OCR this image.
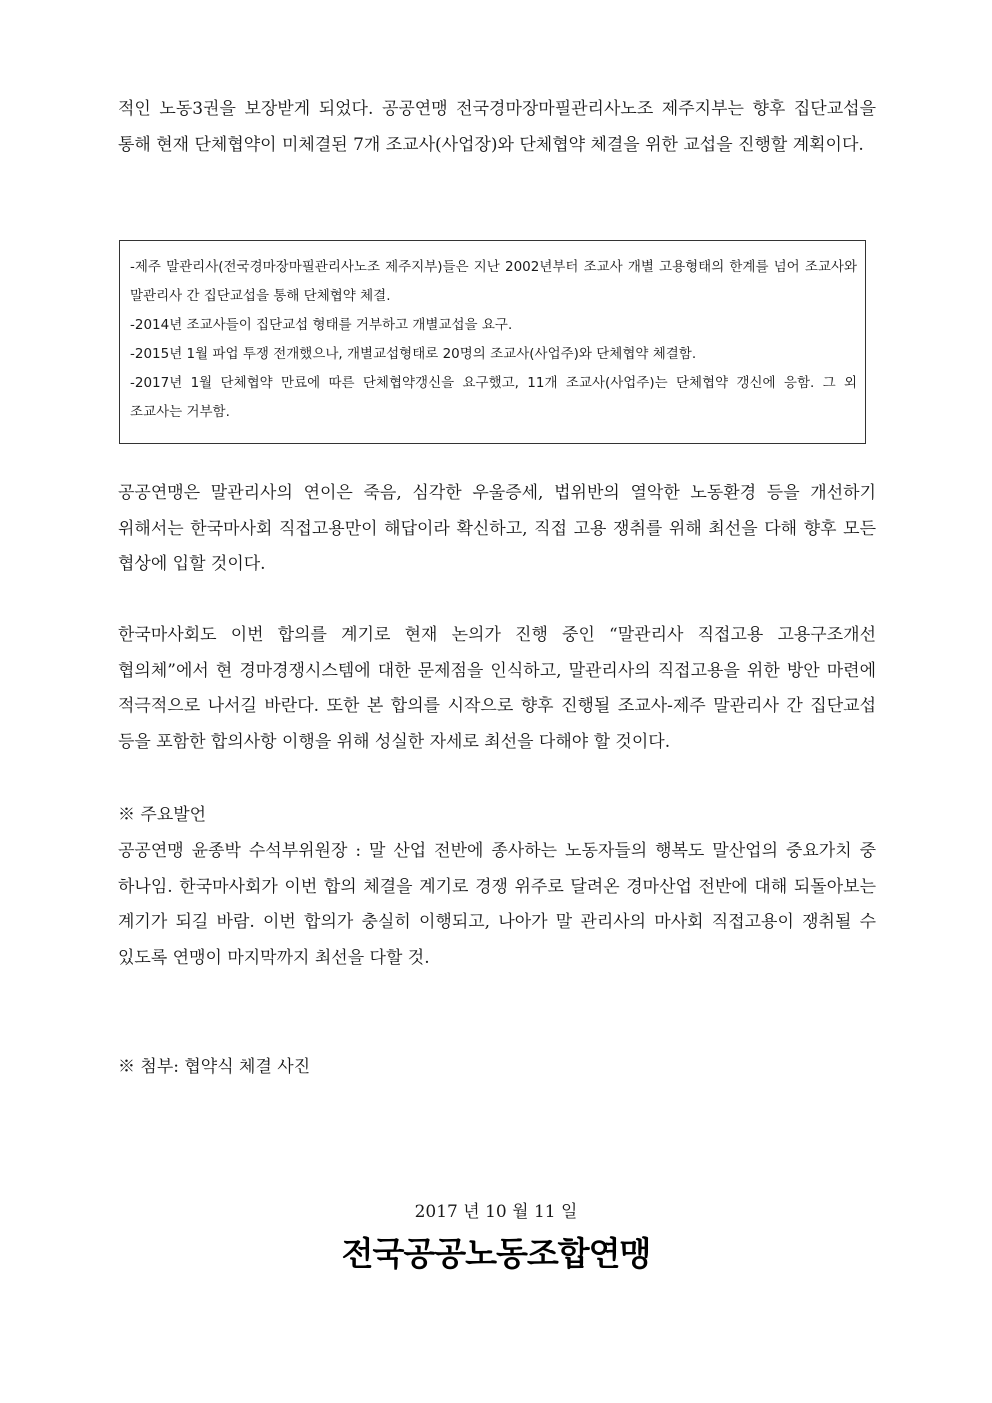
적인 노동3권을 보장받게 되었다. 공공연맹 전국경마장마필관리사노조 제주지부는 향후 집단교섭을 통해 현재 단체협약이 미체결된 7개 조교사(사업장)와 단체협약 체결을 위한 교섭을 진행할 계획이다.

-제주 말관리사(전국경마장마필관리사노조 제주지부)들은 지난 2002년부터 조교사 개별 고용형태의 한계를 넘어 조교사와 말관리사 간 집단교섭을 통해 단체협약 체결.

-2014년 조교사들이 집단교섭 형태를 거부하고 개별교섭을 요구.

-2015년 1월 파업 투쟁 전개했으나, 개별교섭형태로 20명의 조교사(사업주)와 단체협약 체결함.

-2017년 1월 단체협약 만료에 따른 단체협약갱신을 요구했고, 11개 조교사(사업주)는 단체협약 갱신에 응함. 그 외 조교사는 거부함.

공공연맹은 말관리사의 연이은 죽음, 심각한 우울증세, 법위반의 열악한 노동환경 등을 개선하기 위해서는 한국마사회 직접고용만이 해답이라 확신하고, 직접 고용 쟁취를 위해 최선을 다해 향후 모든 협상에 입할 것이다.

한국마사회도 이번 합의를 계기로 현재 논의가 진행 중인 “말관리사 직접고용 고용구조개선 협의체”에서 현 경마경쟁시스템에 대한 문제점을 인식하고, 말관리사의 직접고용을 위한 방안 마련에 적극적으로 나서길 바란다. 또한 본 합의를 시작으로 향후 진행될 조교사-제주 말관리사 간 집단교섭 등을 포함한 합의사항 이행을 위해 성실한 자세로 최선을 다해야 할 것이다.

※ 주요발언

공공연맹 윤종박 수석부위원장 : 말 산업 전반에 종사하는 노동자들의 행복도 말산업의 중요가치 중 하나임. 한국마사회가 이번 합의 체결을 계기로 경쟁 위주로 달려온 경마산업 전반에 대해 되돌아보는 계기가 되길 바람. 이번 합의가 충실히 이행되고, 나아가 말 관리사의 마사회 직접고용이 쟁취될 수 있도록 연맹이 마지막까지 최선을 다할 것.

※ 첨부: 협약식 체결 사진

2017 년 10 월 11 일

전국공공노동조합연맹
